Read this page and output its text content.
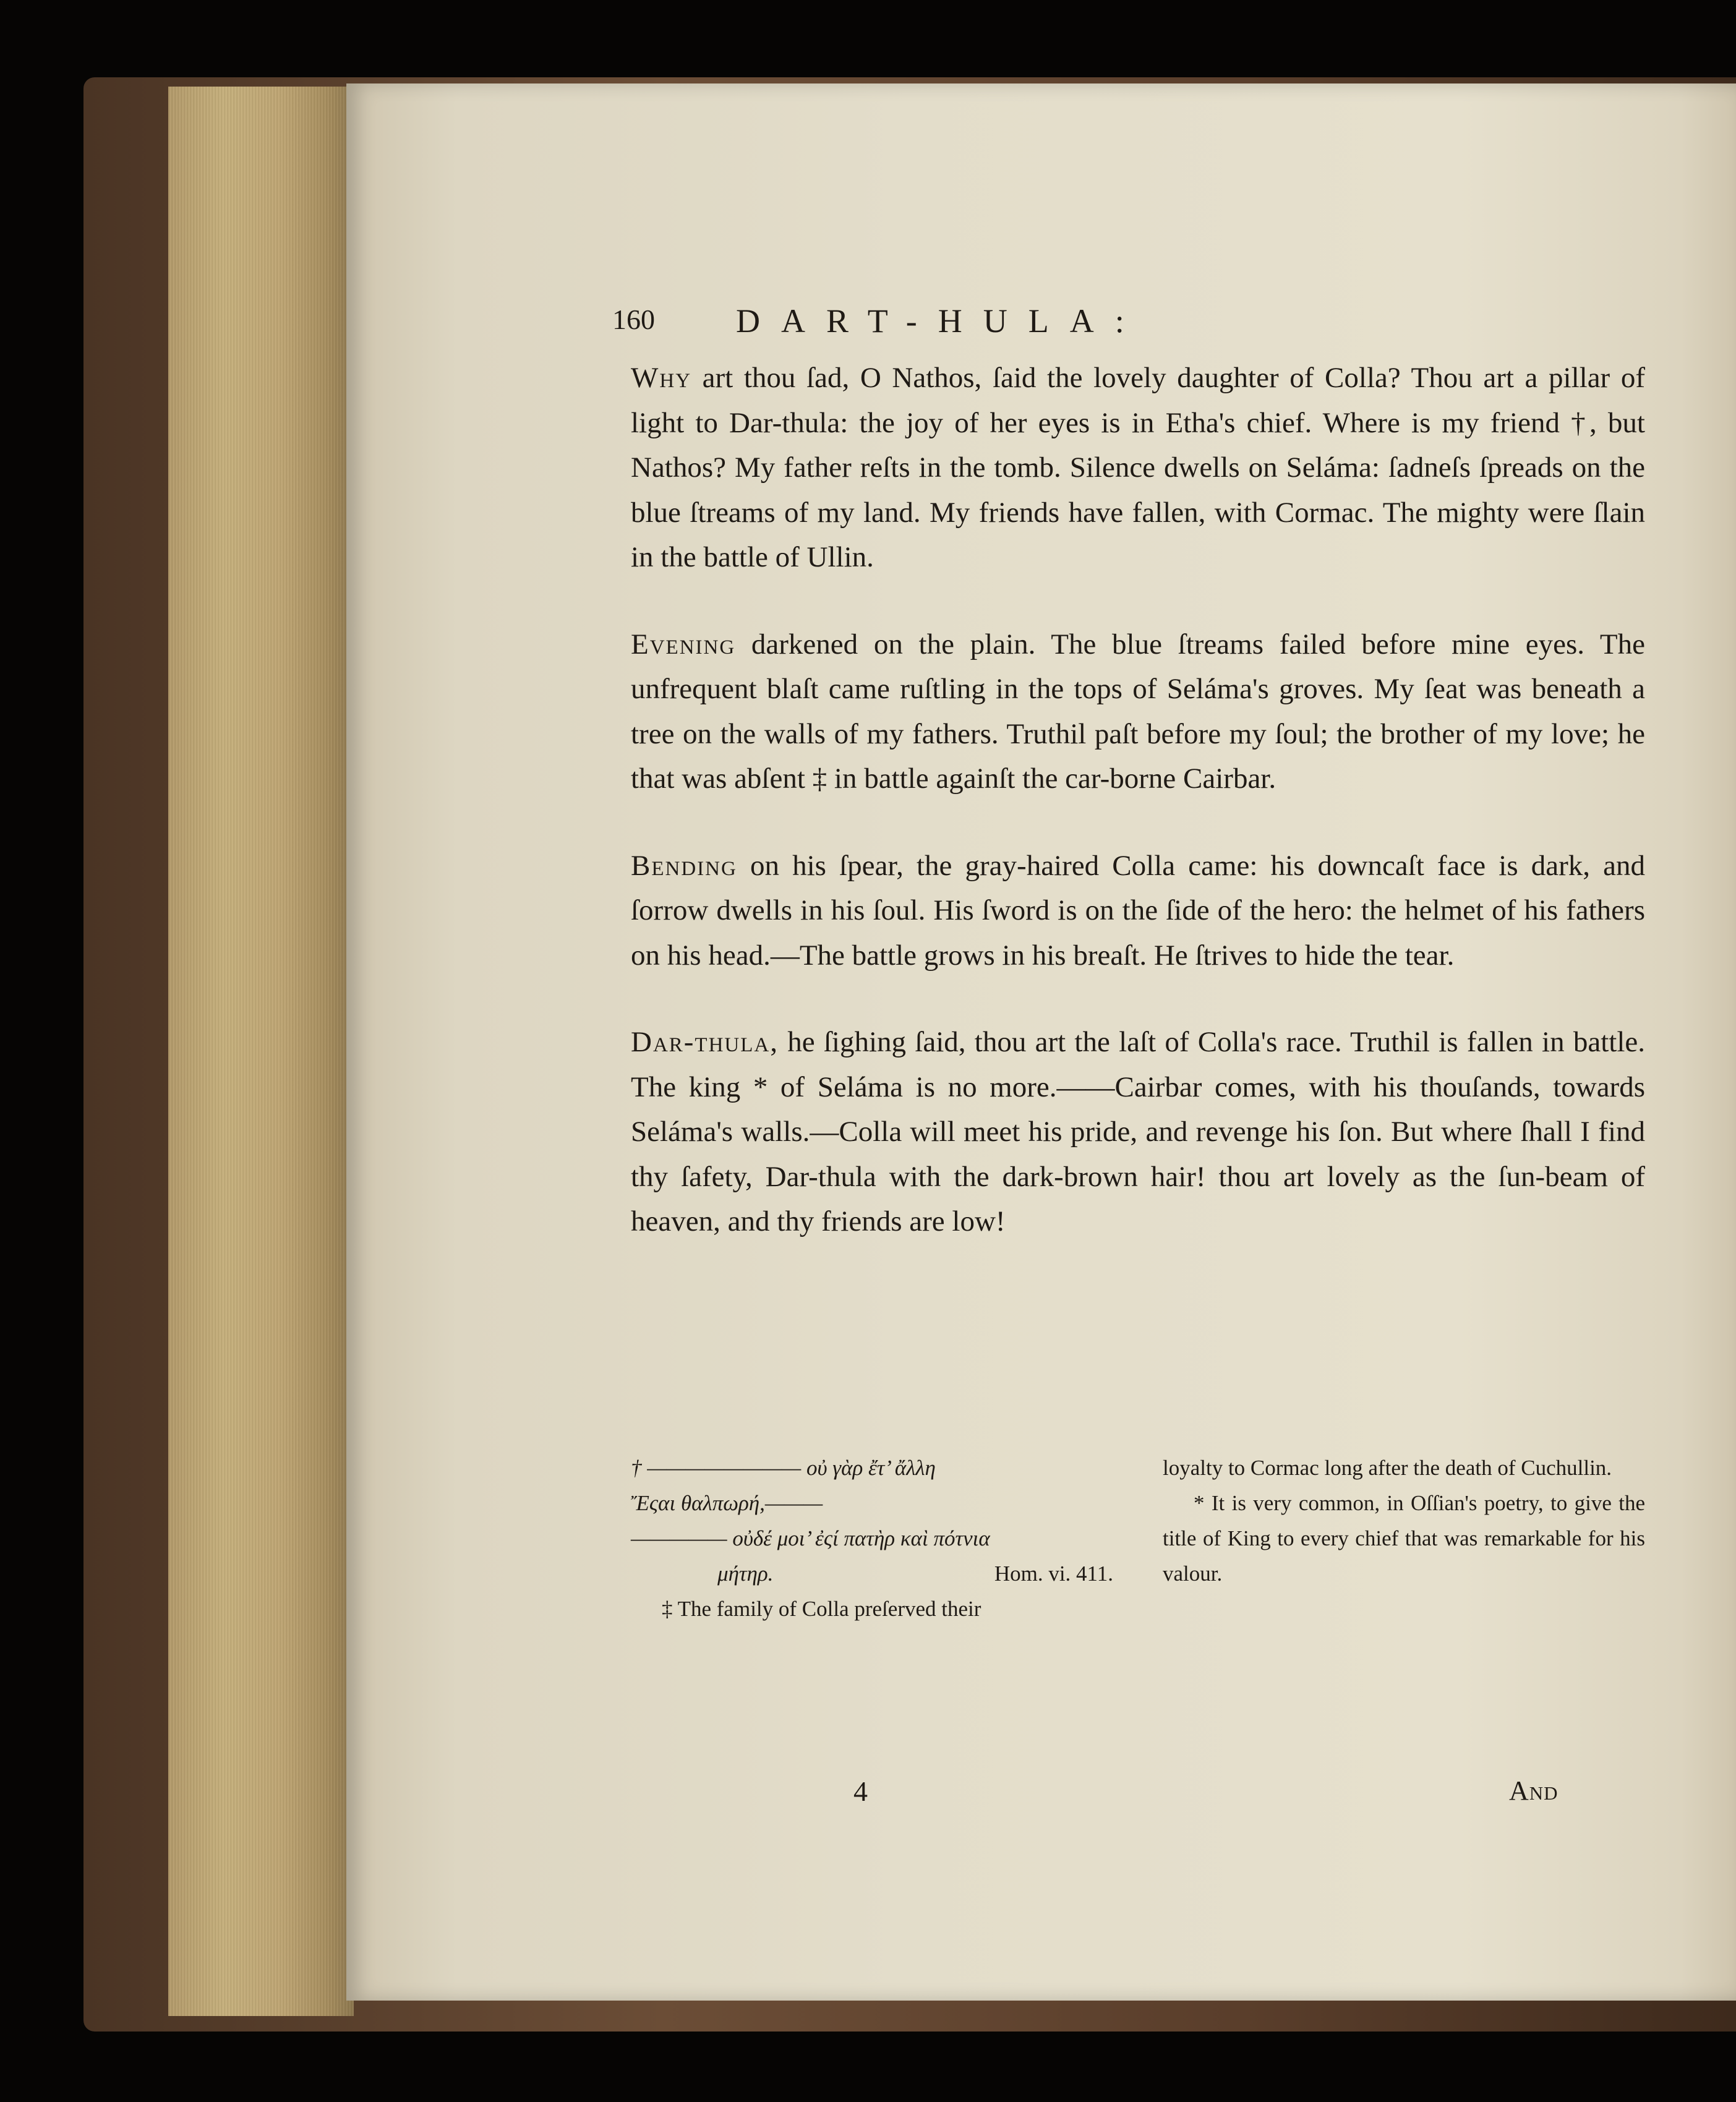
160 DART-HULA:

Why art thou ſad, O Nathos, ſaid the lovely daughter of Colla? Thou art a pillar of light to Dar-thula: the joy of her eyes is in Etha's chief. Where is my friend †, but Nathos? My father reſts in the tomb. Silence dwells on Seláma: ſadneſs ſpreads on the blue ſtreams of my land. My friends have fallen, with Cormac. The mighty were ſlain in the battle of Ullin.

Evening darkened on the plain. The blue ſtreams failed before mine eyes. The unfrequent blaſt came ruſtling in the tops of Seláma's groves. My ſeat was beneath a tree on the walls of my fathers. Truthil paſt before my ſoul; the brother of my love; he that was abſent ‡ in battle againſt the car-borne Cairbar.

Bending on his ſpear, the gray-haired Colla came: his downcaſt face is dark, and ſorrow dwells in his ſoul. His ſword is on the ſide of the hero: the helmet of his fathers on his head.—The battle grows in his breaſt. He ſtrives to hide the tear.

Dar-thula, he ſighing ſaid, thou art the laſt of Colla's race. Truthil is fallen in battle. The king * of Seláma is no more.——Cairbar comes, with his thouſands, towards Seláma's walls.—Colla will meet his pride, and revenge his ſon. But where ſhall I find thy ſafety, Dar-thula with the dark-brown hair! thou art lovely as the ſun-beam of heaven, and thy friends are low!

† ———————— οὐ γὰρ ἔτ’ ἄλλη

Ἔςαι θαλπωρή,———

————— οὐδέ μοι’ ἐςί πατὴρ καὶ πότνια

μήτηρ.	Hom. vi. 411.

‡ The family of Colla preſerved their

loyalty to Cormac long after the death of Cuchullin.

* It is very common, in Oſſian's poetry, to give the title of King to every chief that was remarkable for his valour.

4	And
